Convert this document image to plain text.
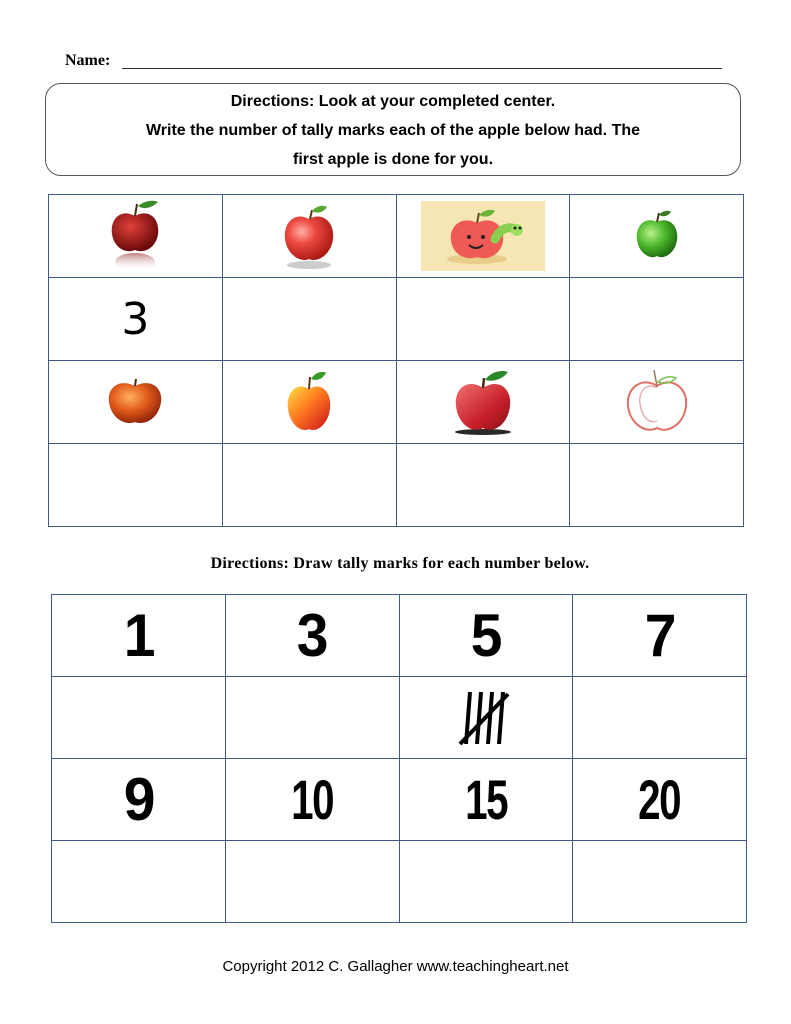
Name:
Directions: Look at your completed center.
Write the number of tally marks each of the apple below had. The
first apple is done for you.

3			

Directions: Draw tally marks for each number below.
1	3	5	7

9	10	15	20

Copyright 2012 C. Gallagher www.teachingheart.net
